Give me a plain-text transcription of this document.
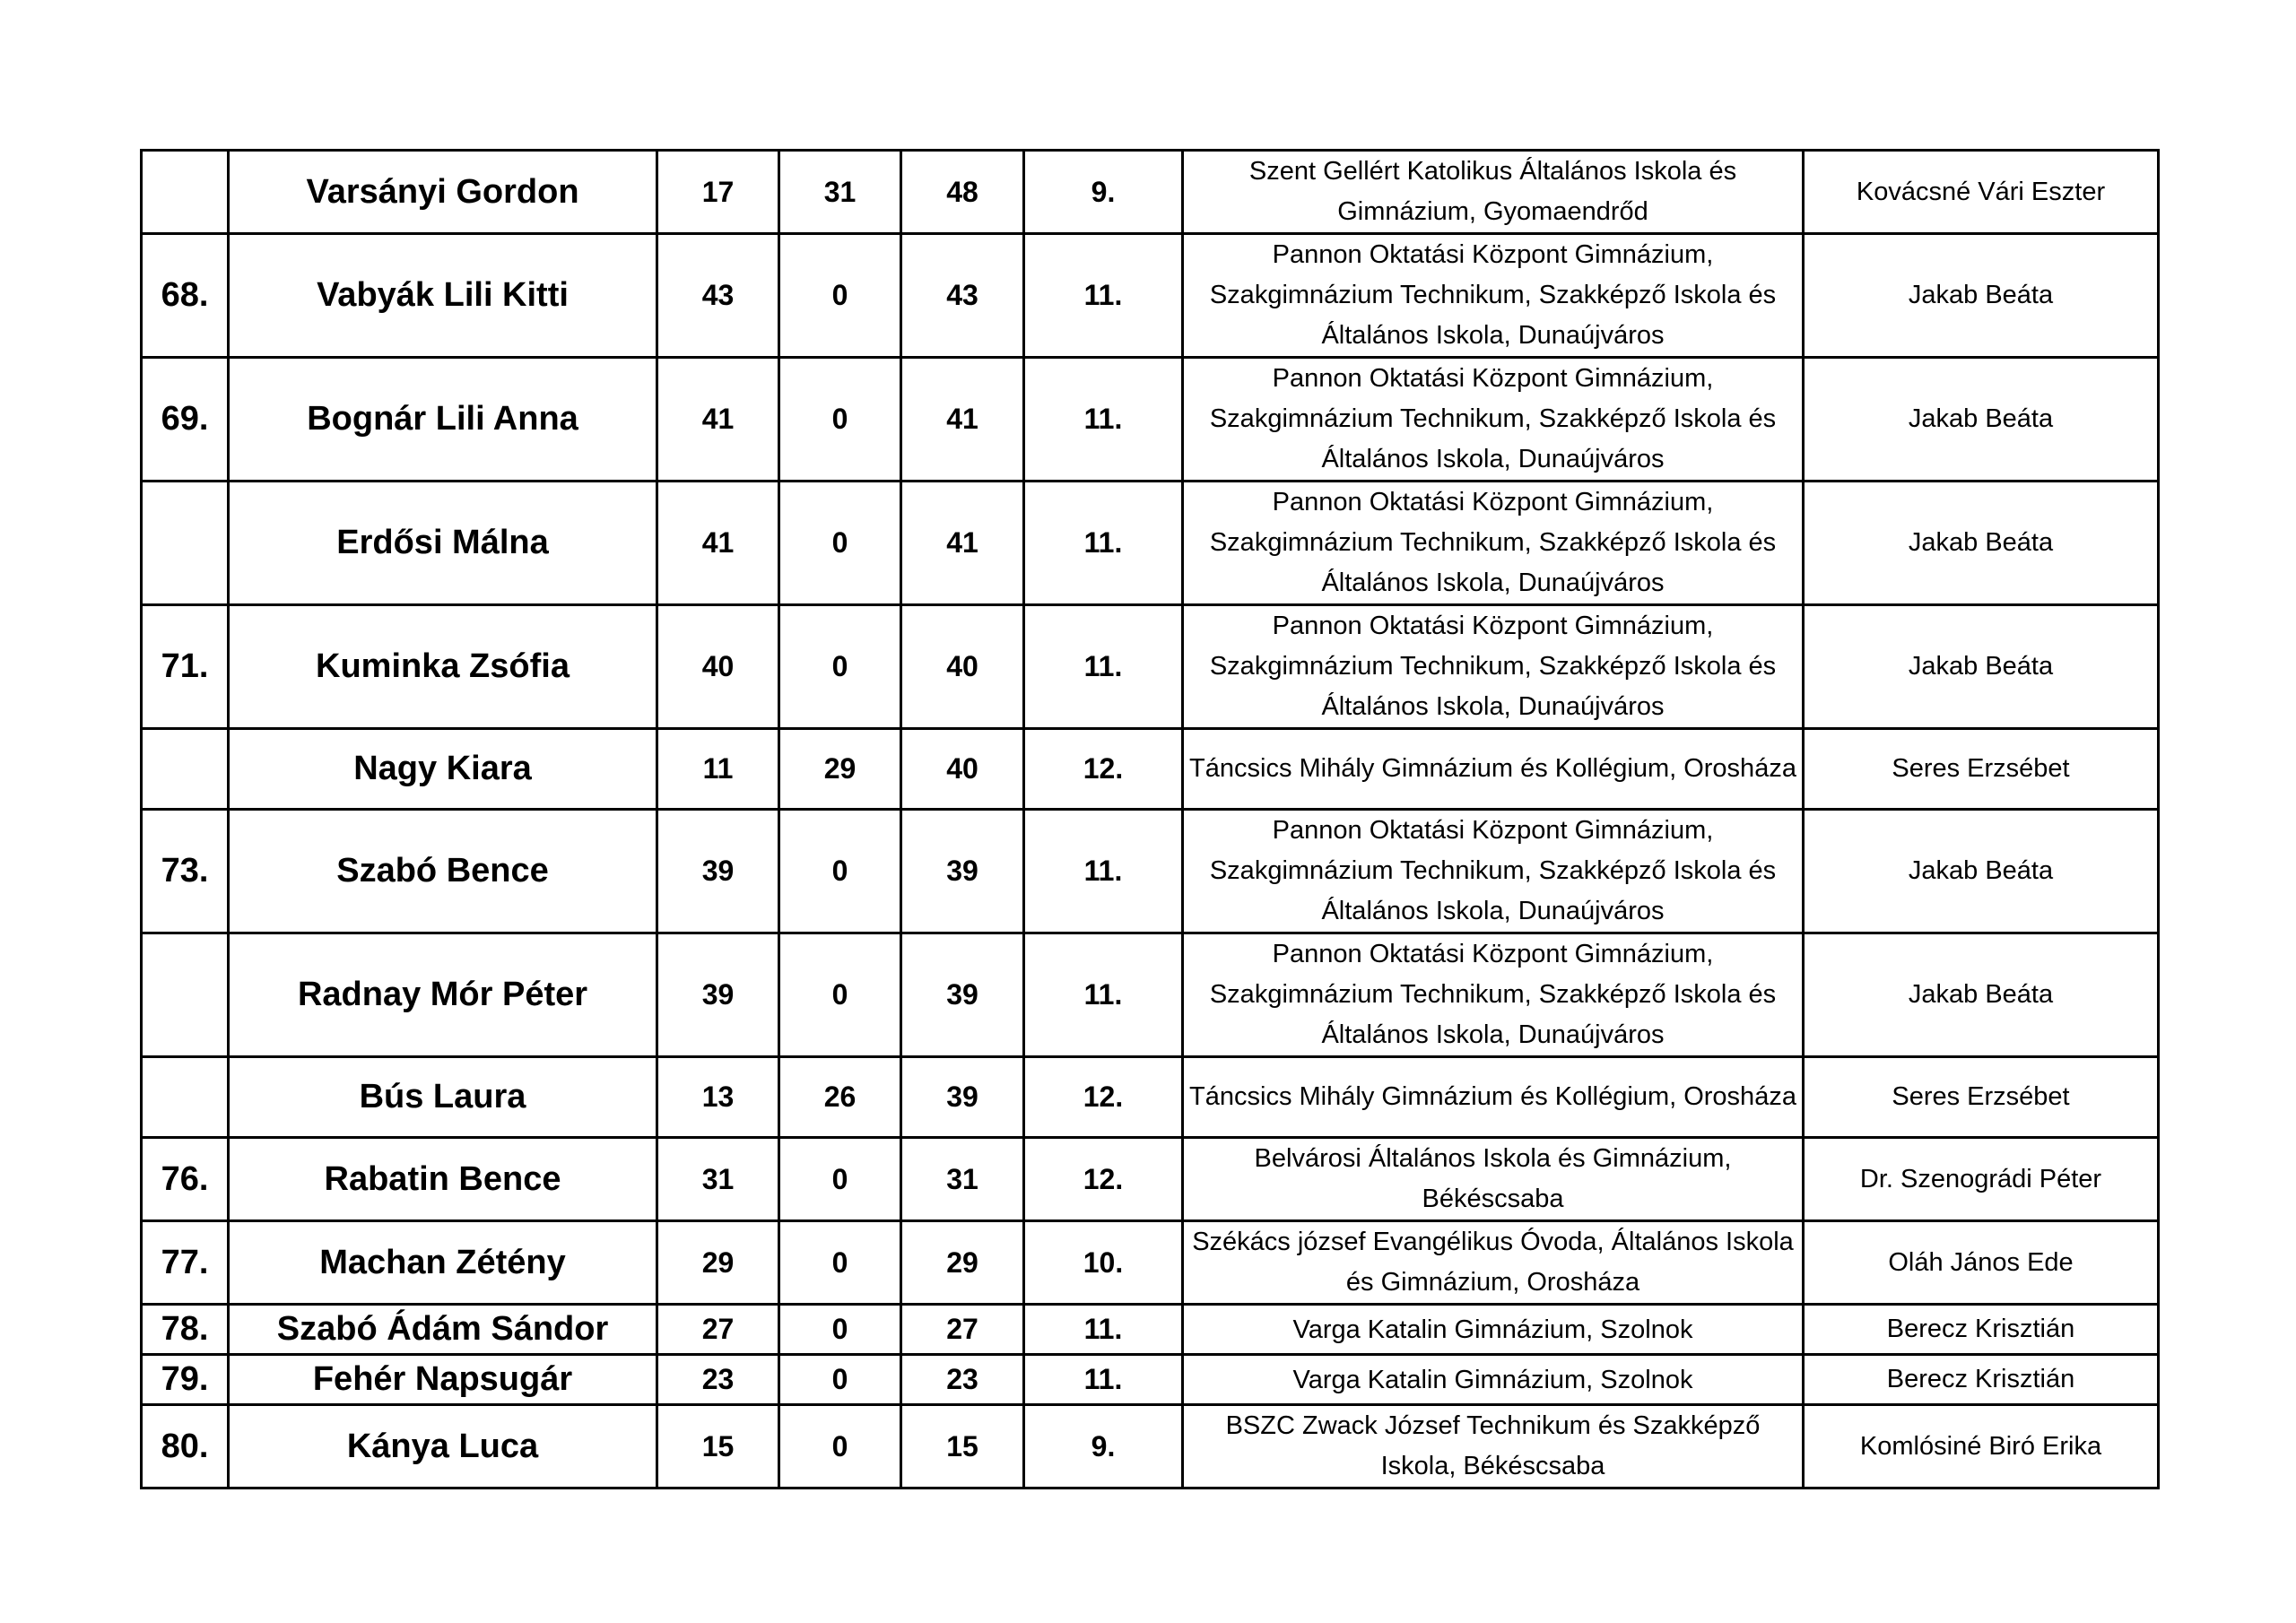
	Varsányi Gordon	17	31	48	9.	Szent Gellért Katolikus Általános Iskola és Gimnázium, Gyomaendrőd	Kovácsné Vári Eszter
68.	Vabyák Lili Kitti	43	0	43	11.	Pannon Oktatási Központ Gimnázium, Szakgimnázium Technikum, Szakképző Iskola és Általános Iskola, Dunaújváros	Jakab Beáta
69.	Bognár Lili Anna	41	0	41	11.	Pannon Oktatási Központ Gimnázium, Szakgimnázium Technikum, Szakképző Iskola és Általános Iskola, Dunaújváros	Jakab Beáta
	Erdősi Málna	41	0	41	11.	Pannon Oktatási Központ Gimnázium, Szakgimnázium Technikum, Szakképző Iskola és Általános Iskola, Dunaújváros	Jakab Beáta
71.	Kuminka Zsófia	40	0	40	11.	Pannon Oktatási Központ Gimnázium, Szakgimnázium Technikum, Szakképző Iskola és Általános Iskola, Dunaújváros	Jakab Beáta
	Nagy Kiara	11	29	40	12.	Táncsics Mihály Gimnázium és Kollégium, Orosháza	Seres Erzsébet
73.	Szabó Bence	39	0	39	11.	Pannon Oktatási Központ Gimnázium, Szakgimnázium Technikum, Szakképző Iskola és Általános Iskola, Dunaújváros	Jakab Beáta
	Radnay Mór Péter	39	0	39	11.	Pannon Oktatási Központ Gimnázium, Szakgimnázium Technikum, Szakképző Iskola és Általános Iskola, Dunaújváros	Jakab Beáta
	Bús Laura	13	26	39	12.	Táncsics Mihály Gimnázium és Kollégium, Orosháza	Seres Erzsébet
76.	Rabatin Bence	31	0	31	12.	Belvárosi Általános Iskola és Gimnázium, Békéscsaba	Dr. Szenográdi Péter
77.	Machan Zétény	29	0	29	10.	Székács józsef Evangélikus Óvoda, Általános Iskola és Gimnázium, Orosháza	Oláh János Ede
78.	Szabó Ádám Sándor	27	0	27	11.	Varga Katalin Gimnázium, Szolnok	Berecz Krisztián
79.	Fehér Napsugár	23	0	23	11.	Varga Katalin Gimnázium, Szolnok	Berecz Krisztián
80.	Kánya Luca	15	0	15	9.	BSZC Zwack József Technikum és Szakképző Iskola, Békéscsaba	Komlósiné Biró Erika
